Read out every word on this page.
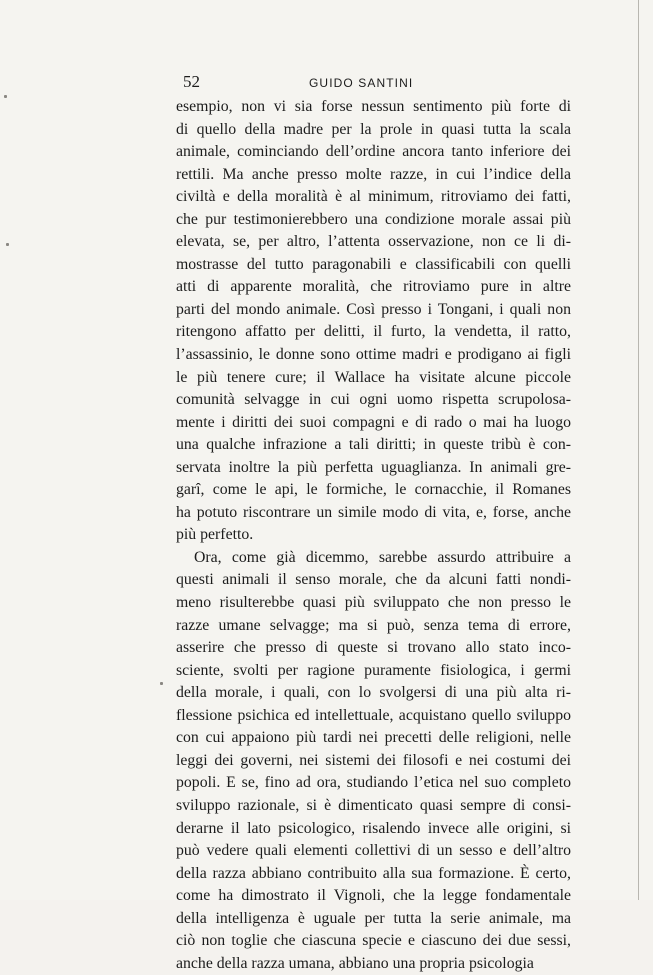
52	GUIDO SANTINI
esempio, non vi sia forse nessun sentimento più forte di
di quello della madre per la prole in quasi tutta la scala
animale, cominciando dell’ordine ancora tanto inferiore dei
rettili. Ma anche presso molte razze, in cui l’indice della
civiltà e della moralità è al minimum, ritroviamo dei fatti,
che pur testimonierebbero una condizione morale assai più
elevata, se, per altro, l’attenta osservazione, non ce li di-
mostrasse del tutto paragonabili e classificabili con quelli
atti di apparente moralità, che ritroviamo pure in altre
parti del mondo animale. Così presso i Tongani, i quali non
ritengono affatto per delitti, il furto, la vendetta, il ratto,
l’assassinio, le donne sono ottime madri e prodigano ai figli
le più tenere cure; il Wallace ha visitate alcune piccole
comunità selvagge in cui ogni uomo rispetta scrupolosa-
mente i diritti dei suoi compagni e di rado o mai ha luogo
una qualche infrazione a tali diritti; in queste tribù è con-
servata inoltre la più perfetta uguaglianza. In animali gre-
garî, come le api, le formiche, le cornacchie, il Romanes
ha potuto riscontrare un simile modo di vita, e, forse, anche
più perfetto.
Ora, come già dicemmo, sarebbe assurdo attribuire a
questi animali il senso morale, che da alcuni fatti nondi-
meno risulterebbe quasi più sviluppato che non presso le
razze umane selvagge; ma si può, senza tema di errore,
asserire che presso di queste si trovano allo stato inco-
sciente, svolti per ragione puramente fisiologica, i germi
della morale, i quali, con lo svolgersi di una più alta ri-
flessione psichica ed intellettuale, acquistano quello sviluppo
con cui appaiono più tardi nei precetti delle religioni, nelle
leggi dei governi, nei sistemi dei filosofi e nei costumi dei
popoli. E se, fino ad ora, studiando l’etica nel suo completo
sviluppo razionale, si è dimenticato quasi sempre di consi-
derarne il lato psicologico, risalendo invece alle origini, si
può vedere quali elementi collettivi di un sesso e dell’altro
della razza abbiano contribuito alla sua formazione. È certo,
come ha dimostrato il Vignoli, che la legge fondamentale
della intelligenza è uguale per tutta la serie animale, ma
ciò non toglie che ciascuna specie e ciascuno dei due sessi,
anche della razza umana, abbiano una propria psicologia
